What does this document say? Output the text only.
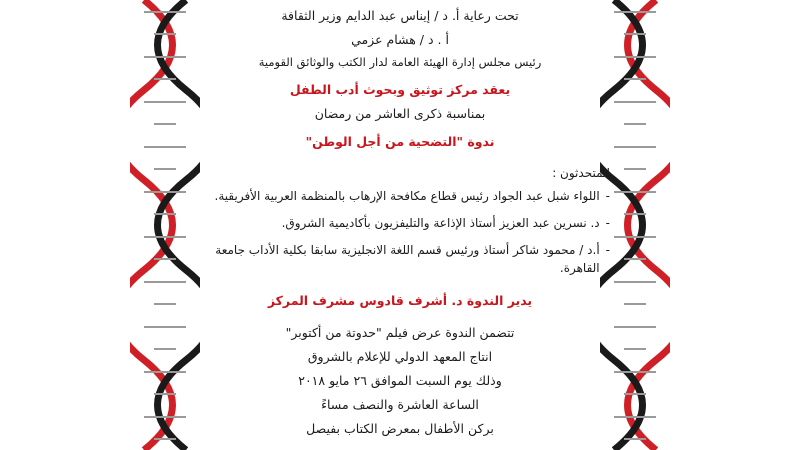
تحت رعاية أ. د / إيناس عبد الدايم وزير الثقافة
أ . د / هشام عزمي
رئيس مجلس إدارة الهيئة العامة لدار الكتب والوثائق القومية
يعقد مركز توثيق وبحوث أدب الطفل
بمناسبة ذكرى العاشر من رمضان
ندوة "التضحية من أجل الوطن"
المتحدثون :
-
اللواء شبل عبد الجواد رئيس قطاع مكافحة الإرهاب بالمنظمة العربية الأفريقية.
-
د. نسرين عبد العزيز أستاذ الإذاعة والتليفزيون بأكاديمية الشروق.
-
أ.د / محمود شاكر أستاذ ورئيس قسم اللغة الانجليزية سابقا بكلية الأداب جامعة القاهرة.
يدير الندوة د. أشرف قادوس مشرف المركز
تتضمن الندوة عرض فيلم "حدوتة من أكتوبر"
انتاج المعهد الدولي للإعلام بالشروق
وذلك يوم السبت الموافق ٢٦ مايو ٢٠١٨
الساعة العاشرة والنصف مساءً
بركن الأطفال بمعرض الكتاب بفيصل
